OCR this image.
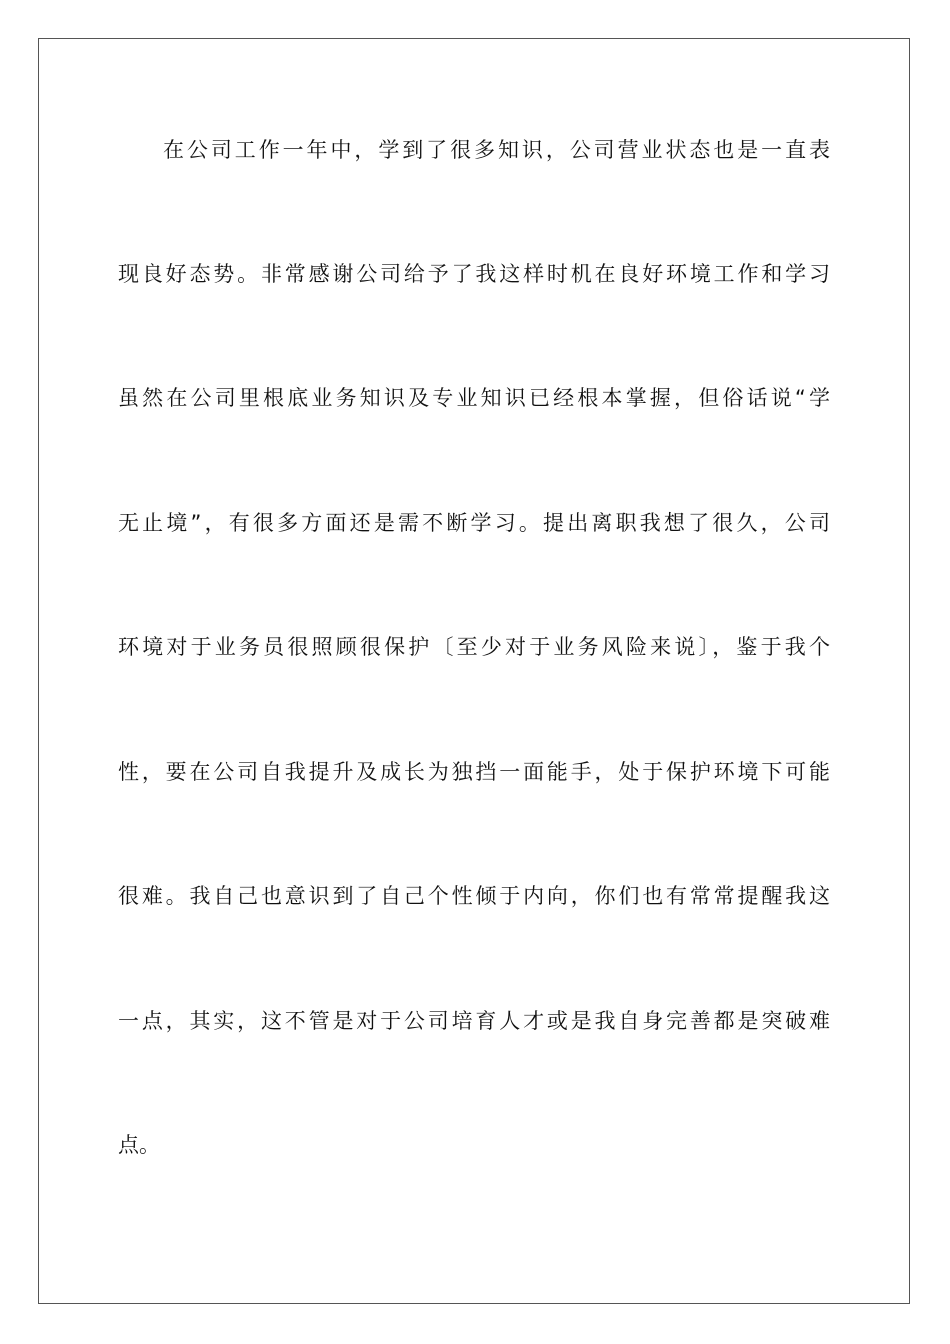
在公司工作一年中，学到了很多知识，公司营业状态也是一直表
现良好态势。非常感谢公司给予了我这样时机在良好环境工作和学习
虽然在公司里根底业务知识及专业知识已经根本掌握，但俗话说“学
无止境”，有很多方面还是需不断学习。提出离职我想了很久，公司
环境对于业务员很照顾很保护〔至少对于业务风险来说〕，鉴于我个
性，要在公司自我提升及成长为独挡一面能手，处于保护环境下可能
很难。我自己也意识到了自己个性倾于内向，你们也有常常提醒我这
一点，其实，这不管是对于公司培育人才或是我自身完善都是突破难
点。
